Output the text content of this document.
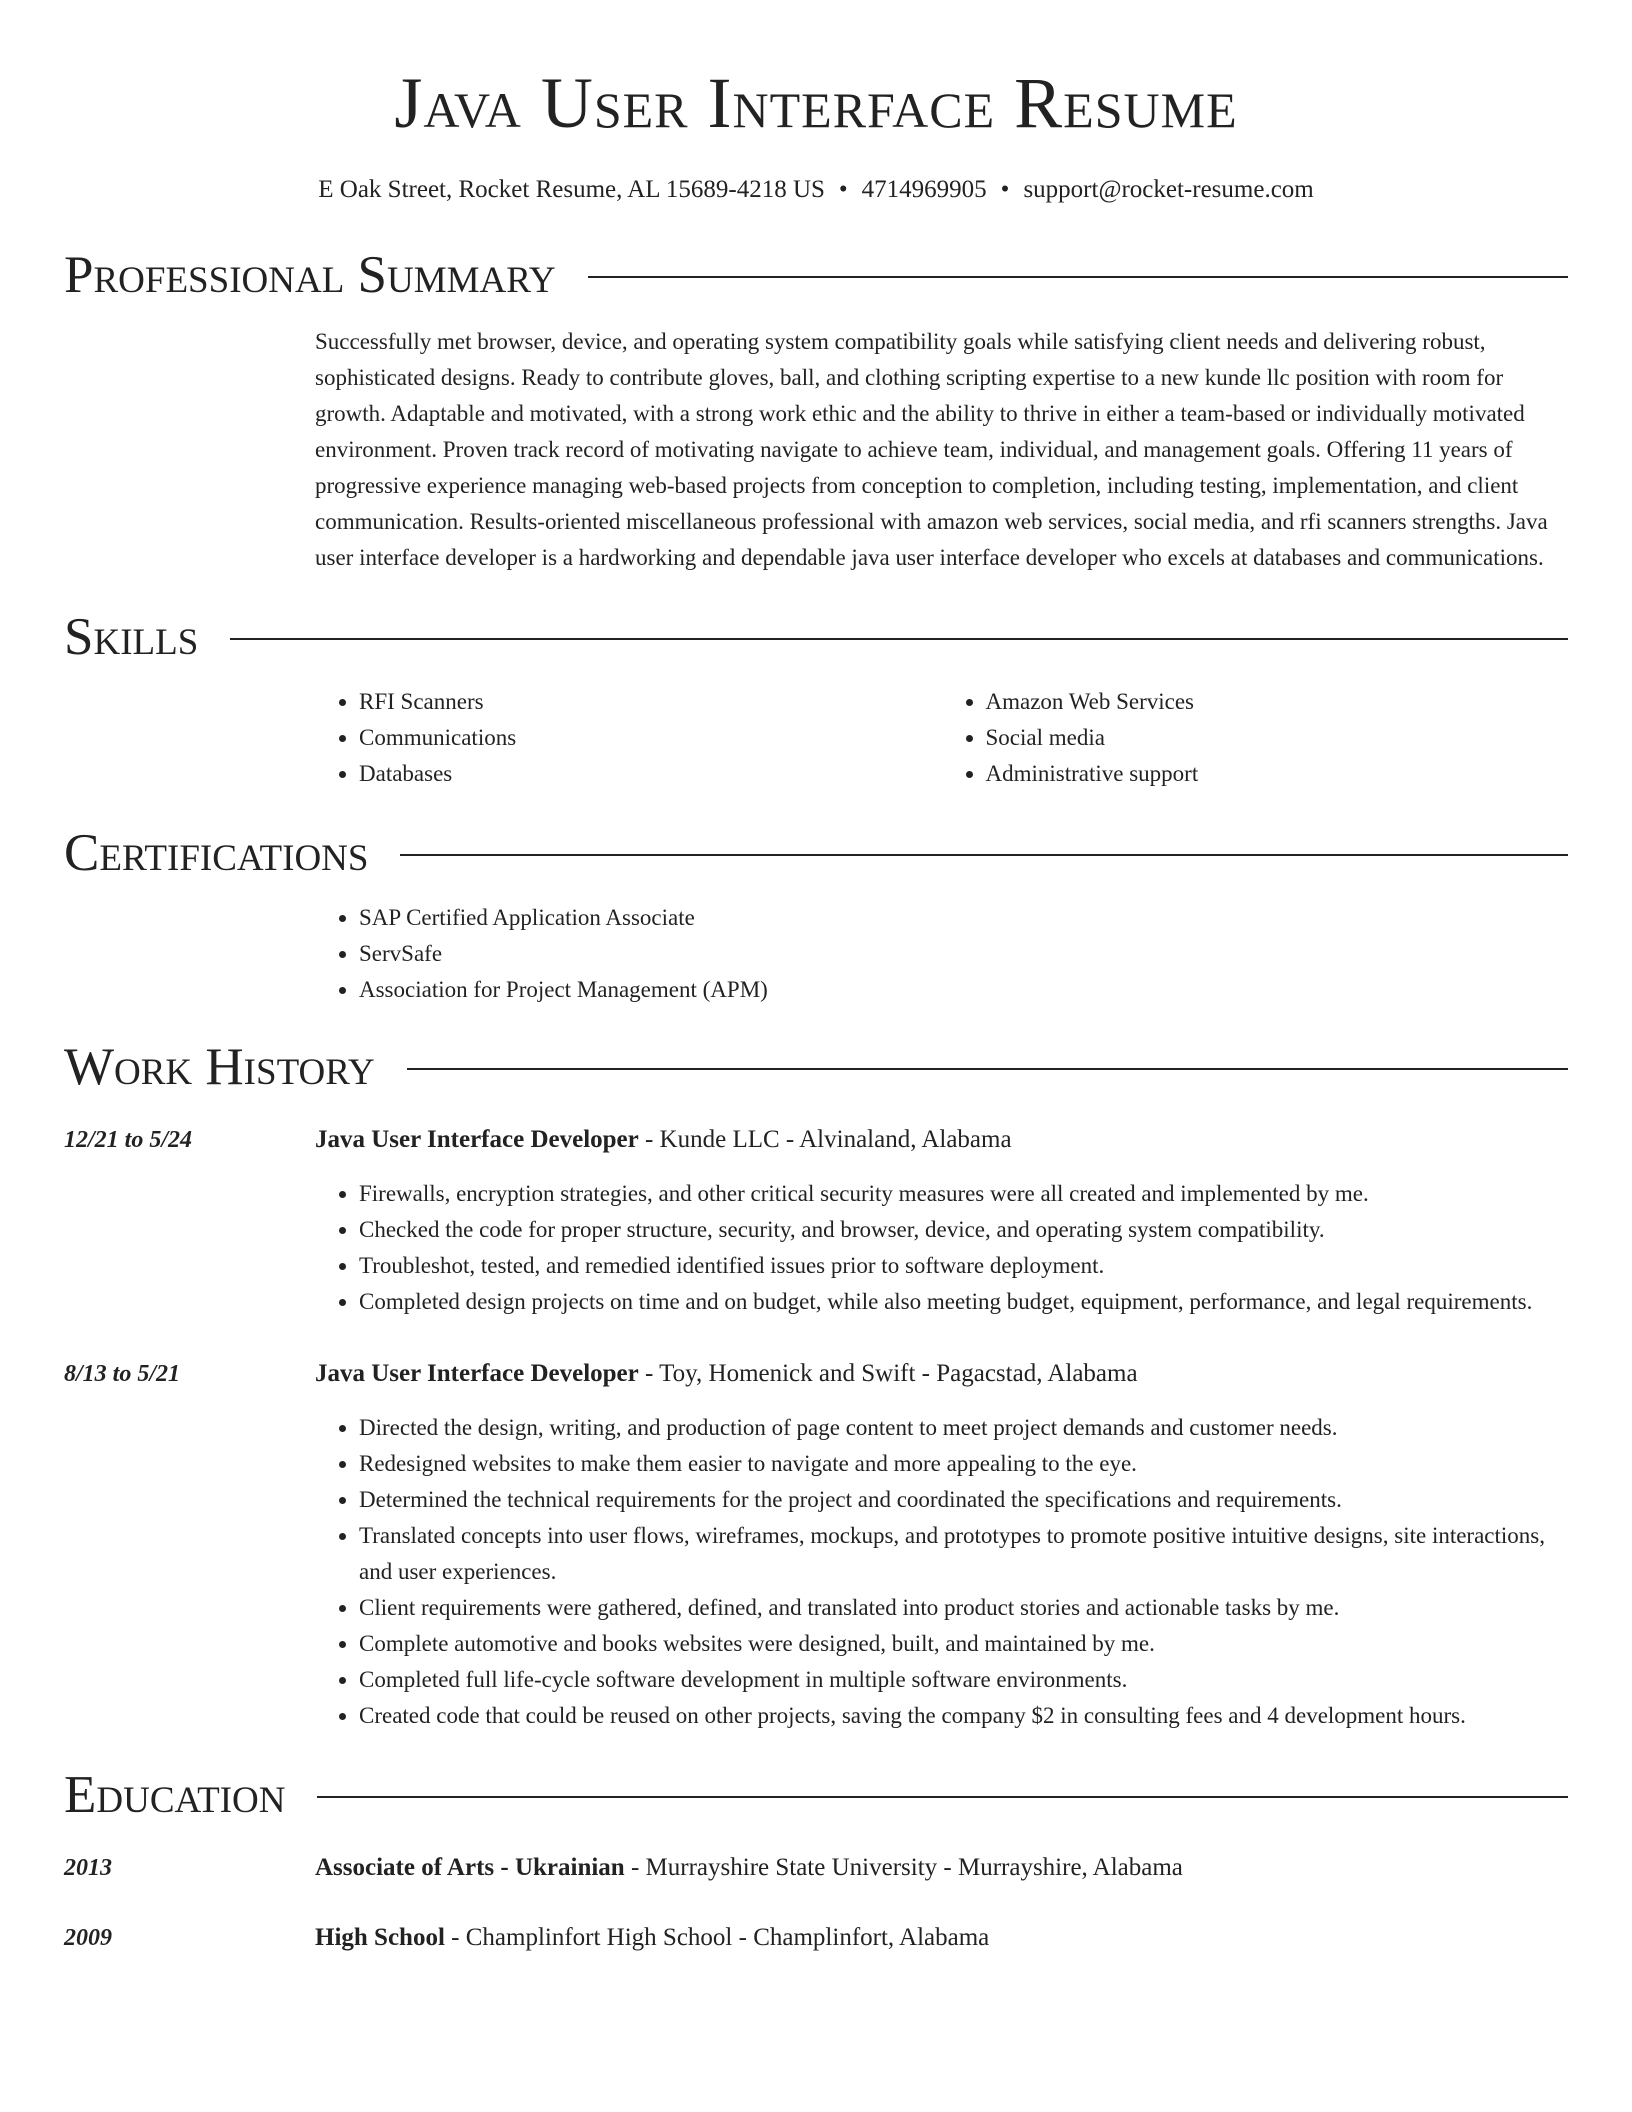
Java User Interface Resume
E Oak Street, Rocket Resume, AL 15689-4218 US • 4714969905 • support@rocket-resume.com
Professional Summary
Successfully met browser, device, and operating system compatibility goals while satisfying client needs and delivering robust, sophisticated designs. Ready to contribute gloves, ball, and clothing scripting expertise to a new kunde llc position with room for growth. Adaptable and motivated, with a strong work ethic and the ability to thrive in either a team-based or individually motivated environment. Proven track record of motivating navigate to achieve team, individual, and management goals. Offering 11 years of progressive experience managing web-based projects from conception to completion, including testing, implementation, and client communication. Results-oriented miscellaneous professional with amazon web services, social media, and rfi scanners strengths. Java user interface developer is a hardworking and dependable java user interface developer who excels at databases and communications.
Skills
• RFI Scanners
• Communications
• Databases
• Amazon Web Services
• Social media
• Administrative support
Certifications
• SAP Certified Application Associate
• ServSafe
• Association for Project Management (APM)
Work History
12/21 to 5/24	Java User Interface Developer - Kunde LLC - Alvinaland, Alabama
• Firewalls, encryption strategies, and other critical security measures were all created and implemented by me.
• Checked the code for proper structure, security, and browser, device, and operating system compatibility.
• Troubleshot, tested, and remedied identified issues prior to software deployment.
• Completed design projects on time and on budget, while also meeting budget, equipment, performance, and legal requirements.
8/13 to 5/21	Java User Interface Developer - Toy, Homenick and Swift - Pagacstad, Alabama
• Directed the design, writing, and production of page content to meet project demands and customer needs.
• Redesigned websites to make them easier to navigate and more appealing to the eye.
• Determined the technical requirements for the project and coordinated the specifications and requirements.
• Translated concepts into user flows, wireframes, mockups, and prototypes to promote positive intuitive designs, site interactions, and user experiences.
• Client requirements were gathered, defined, and translated into product stories and actionable tasks by me.
• Complete automotive and books websites were designed, built, and maintained by me.
• Completed full life-cycle software development in multiple software environments.
• Created code that could be reused on other projects, saving the company $2 in consulting fees and 4 development hours.
Education
2013	Associate of Arts - Ukrainian - Murrayshire State University - Murrayshire, Alabama
2009	High School - Champlinfort High School - Champlinfort, Alabama
